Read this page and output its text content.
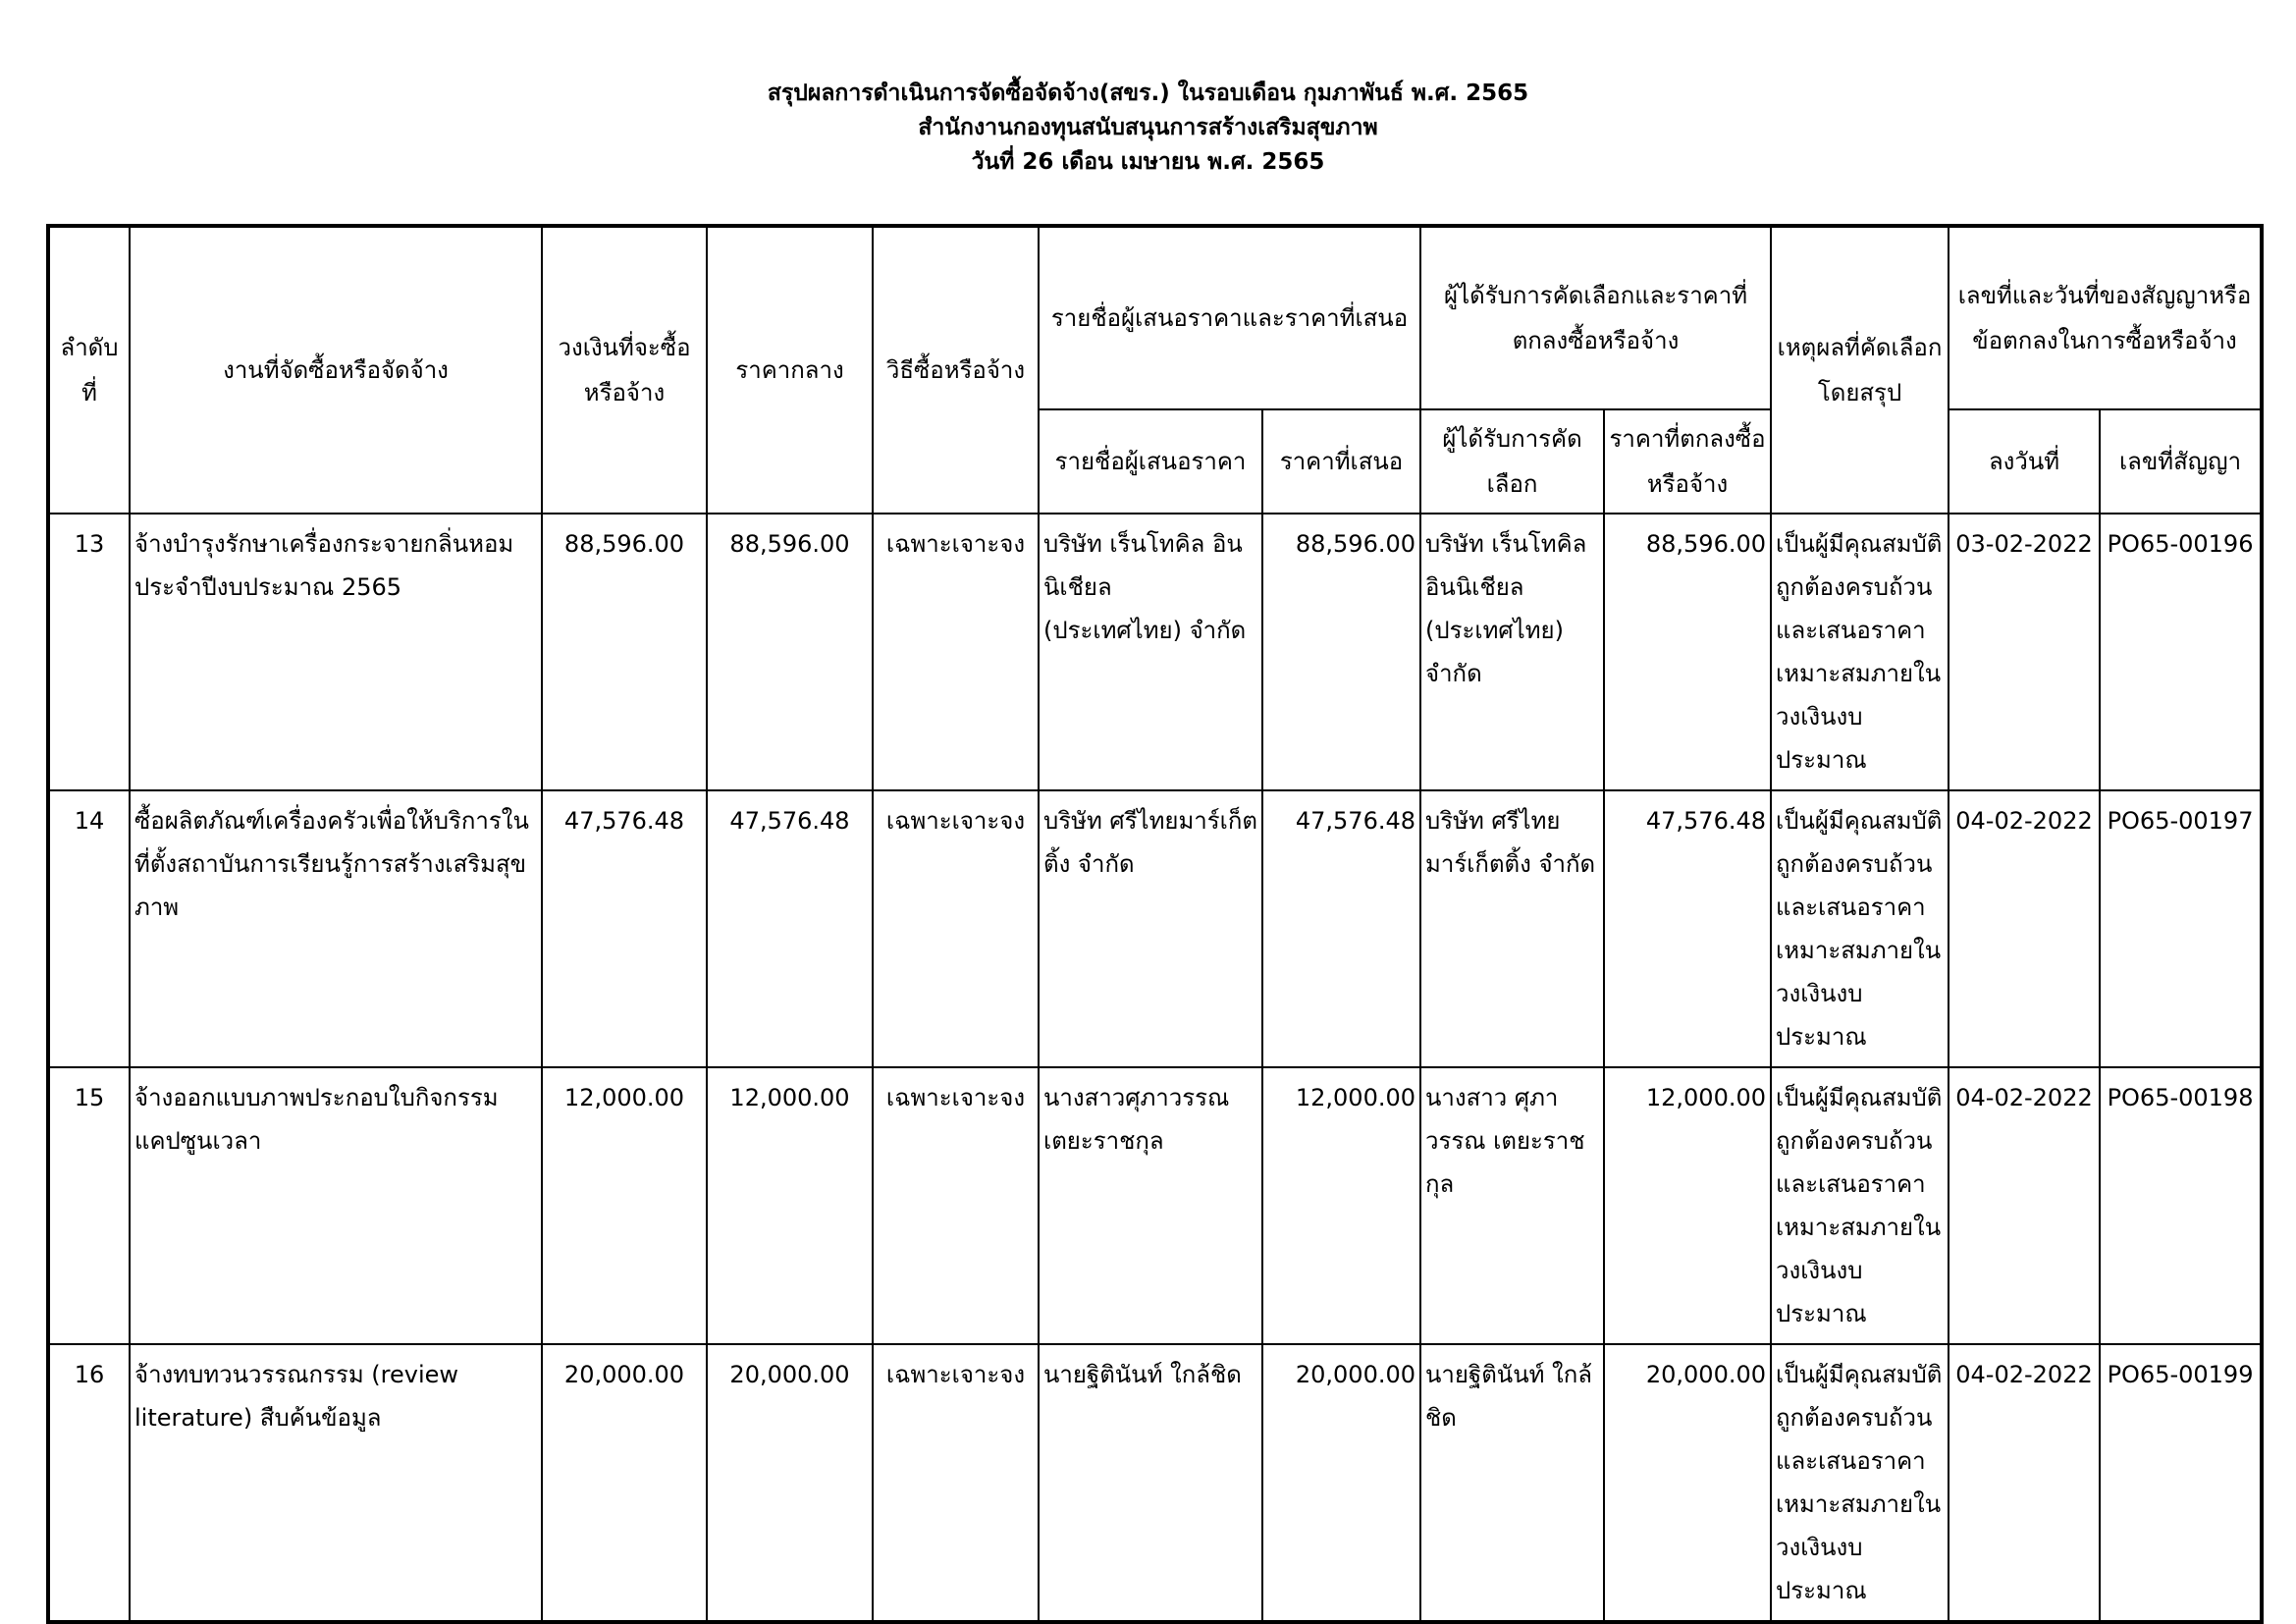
สรุปผลการดำเนินการจัดซื้อจัดจ้าง(สขร.) ในรอบเดือน กุมภาพันธ์ พ.ศ. 2565
สำนักงานกองทุนสนับสนุนการสร้างเสริมสุขภาพ
วันที่ 26 เดือน เมษายน พ.ศ. 2565
ลำดับที่	งานที่จัดซื้อหรือจัดจ้าง	วงเงินที่จะซื้อหรือจ้าง	ราคากลาง	วิธีซื้อหรือจ้าง	รายชื่อผู้เสนอราคาและราคาที่เสนอ		ผู้ได้รับการคัดเลือกและราคาที่ตกลงซื้อหรือจ้าง		เหตุผลที่คัดเลือกโดยสรุป	เลขที่และวันที่ของสัญญาหรือข้อตกลงในการซื้อหรือจ้าง	
					รายชื่อผู้เสนอราคา	ราคาที่เสนอ	ผู้ได้รับการคัดเลือก	ราคาที่ตกลงซื้อหรือจ้าง		ลงวันที่	เลขที่สัญญา
13	จ้างบำรุงรักษาเครื่องกระจายกลิ่นหอม ประจำปีงบประมาณ 2565	88,596.00	88,596.00	เฉพาะเจาะจง	บริษัท เร็นโทคิล อินนิเชียล (ประเทศไทย) จำกัด	88,596.00	บริษัท เร็นโทคิล อินนิเชียล (ประเทศไทย) จำกัด	88,596.00	เป็นผู้มีคุณสมบัติถูกต้องครบถ้วน และเสนอราคาเหมาะสมภายในวงเงินงบประมาณ	03-02-2022	PO65-00196
14	ซื้อผลิตภัณฑ์เครื่องครัวเพื่อให้บริการในที่ตั้งสถาบันการเรียนรู้การสร้างเสริมสุขภาพ	47,576.48	47,576.48	เฉพาะเจาะจง	บริษัท ศรีไทยมาร์เก็ตติ้ง จำกัด	47,576.48	บริษัท ศรีไทยมาร์เก็ตติ้ง จำกัด	47,576.48	เป็นผู้มีคุณสมบัติถูกต้องครบถ้วน และเสนอราคาเหมาะสมภายในวงเงินงบประมาณ	04-02-2022	PO65-00197
15	จ้างออกแบบภาพประกอบใบกิจกรรม แคปซูนเวลา	12,000.00	12,000.00	เฉพาะเจาะจง	นางสาวศุภาวรรณ เตยะราชกุล	12,000.00	นางสาว ศุภาวรรณ เตยะราชกุล	12,000.00	เป็นผู้มีคุณสมบัติถูกต้องครบถ้วน และเสนอราคาเหมาะสมภายในวงเงินงบประมาณ	04-02-2022	PO65-00198
16	จ้างทบทวนวรรณกรรม (review literature) สืบค้นข้อมูล	20,000.00	20,000.00	เฉพาะเจาะจง	นายฐิตินันท์ ใกล้ชิด	20,000.00	นายฐิตินันท์ ใกล้ชิด	20,000.00	เป็นผู้มีคุณสมบัติถูกต้องครบถ้วน และเสนอราคาเหมาะสมภายในวงเงินงบประมาณ	04-02-2022	PO65-00199
